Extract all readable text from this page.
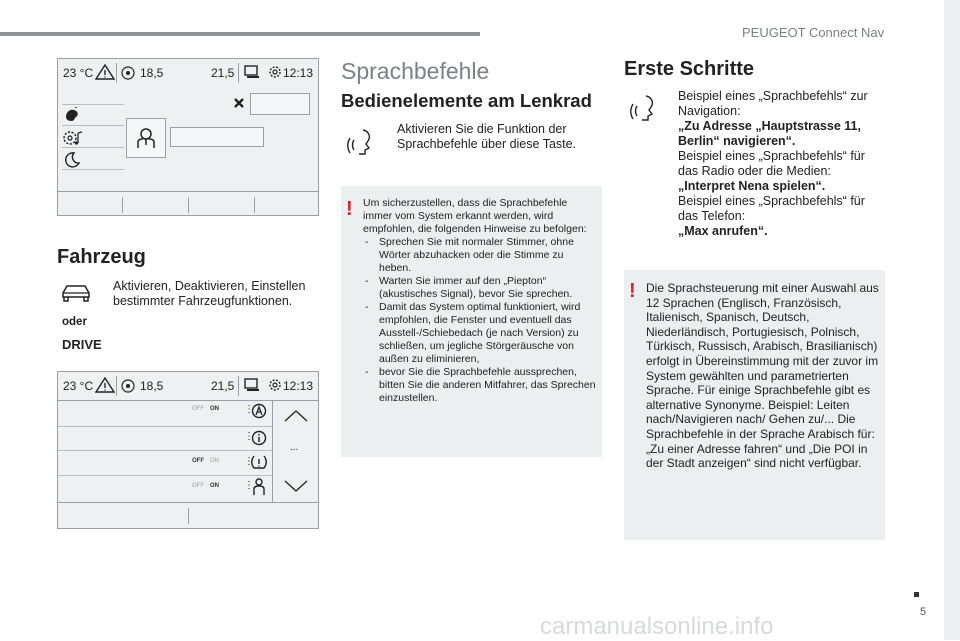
PEUGEOT Connect Nav
23 °C	18,5	21,5	12:13
Fahrzeug
Aktivieren, Deaktivieren, Einstellen bestimmter Fahrzeugfunktionen.
oder
DRIVE
23 °C	18,5	21,5	12:13
OFF ON	⋮
⋮
OFF ON	⋮
OFF ON	⋮
...
Sprachbefehle
Bedienelemente am Lenkrad
Aktivieren Sie die Funktion der Sprachbefehle über diese Taste.
! Um sicherzustellen, dass die Sprachbefehle immer vom System erkannt werden, wird empfohlen, die folgenden Hinweise zu befolgen:
- Sprechen Sie mit normaler Stimmer, ohne Wörter abzuhacken oder die Stimme zu heben.
- Warten Sie immer auf den „Piepton“ (akustisches Signal), bevor Sie sprechen.
- Damit das System optimal funktioniert, wird empfohlen, die Fenster und eventuell das Ausstell-/Schiebedach (je nach Version) zu schließen, um jegliche Störgeräusche von außen zu eliminieren,
- bevor Sie die Sprachbefehle aussprechen, bitten Sie die anderen Mitfahrer, das Sprechen einzustellen.
Erste Schritte
Beispiel eines „Sprachbefehls“ zur Navigation:
„Zu Adresse „Hauptstrasse 11, Berlin“ navigieren“.
Beispiel eines „Sprachbefehls“ für das Radio oder die Medien:
„Interpret Nena spielen“.
Beispiel eines „Sprachbefehls“ für das Telefon:
„Max anrufen“.
! Die Sprachsteuerung mit einer Auswahl aus 12 Sprachen (Englisch, Französisch, Italienisch, Spanisch, Deutsch, Niederländisch, Portugiesisch, Polnisch, Türkisch, Russisch, Arabisch, Brasilianisch) erfolgt in Übereinstimmung mit der zuvor im System gewählten und parametrierten Sprache. Für einige Sprachbefehle gibt es alternative Synonyme. Beispiel: Leiten nach/Navigieren nach/ Gehen zu/... Die Sprachbefehle in der Sprache Arabisch für: „Zu einer Adresse fahren“ und „Die POI in der Stadt anzeigen“ sind nicht verfügbar.
5
carmanualsonline.info
